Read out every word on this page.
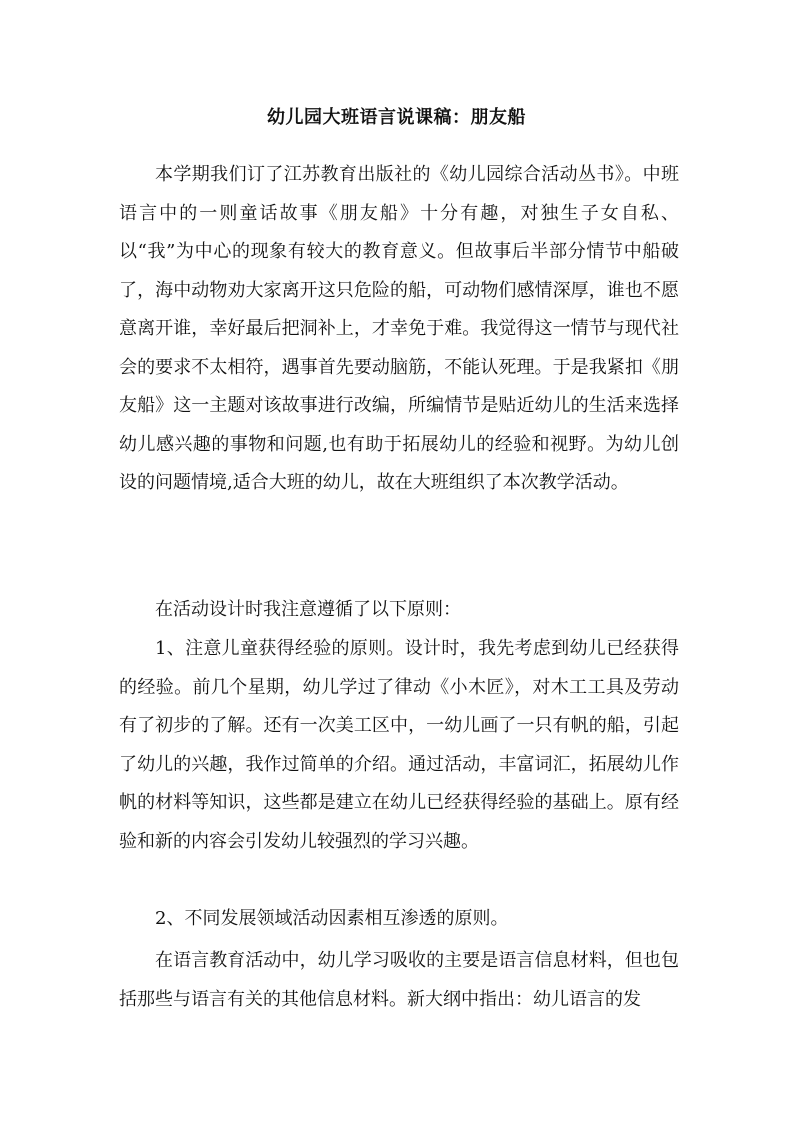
幼儿园大班语言说课稿：朋友船

本学期我们订了江苏教育出版社的《幼儿园综合活动丛书》。中班语言中的一则童话故事《朋友船》十分有趣，对独生子女自私、以“我”为中心的现象有较大的教育意义。但故事后半部分情节中船破了，海中动物劝大家离开这只危险的船，可动物们感情深厚，谁也不愿意离开谁，幸好最后把洞补上，才幸免于难。我觉得这一情节与现代社会的要求不太相符，遇事首先要动脑筋，不能认死理。于是我紧扣《朋友船》这一主题对该故事进行改编，所编情节是贴近幼儿的生活来选择幼儿感兴趣的事物和问题,也有助于拓展幼儿的经验和视野。为幼儿创设的问题情境,适合大班的幼儿，故在大班组织了本次教学活动。

在活动设计时我注意遵循了以下原则：

1、注意儿童获得经验的原则。设计时，我先考虑到幼儿已经获得的经验。前几个星期，幼儿学过了律动《小木匠》，对木工工具及劳动有了初步的了解。还有一次美工区中，一幼儿画了一只有帆的船，引起了幼儿的兴趣，我作过简单的介绍。通过活动，丰富词汇，拓展幼儿作帆的材料等知识，这些都是建立在幼儿已经获得经验的基础上。原有经验和新的内容会引发幼儿较强烈的学习兴趣。

2、不同发展领域活动因素相互渗透的原则。

在语言教育活动中，幼儿学习吸收的主要是语言信息材料，但也包括那些与语言有关的其他信息材料。新大纲中指出：幼儿语言的发
